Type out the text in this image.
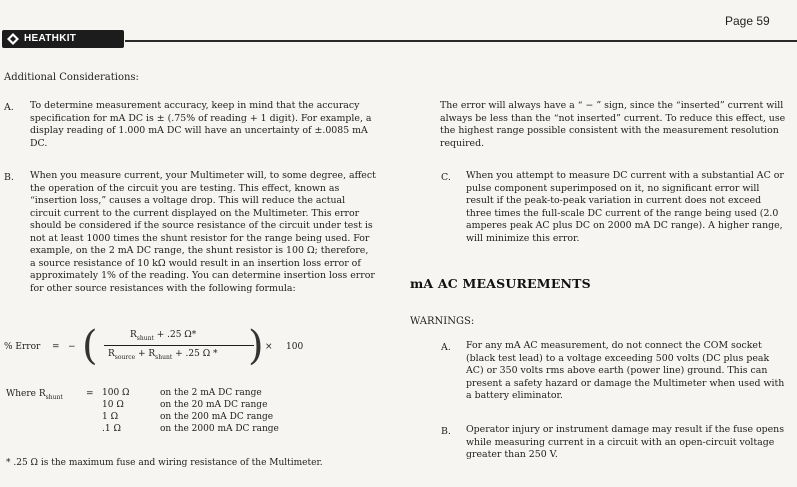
Page 59
HEATHKIT
Additional Considerations:
A. To determine measurement accuracy, keep in mind that the accuracy specification for mA DC is ± (.75% of reading + 1 digit). For example, a display reading of 1.000 mA DC will have an uncertainty of ±.0085 mA DC.
B. When you measure current, your Multimeter will, to some degree, affect the operation of the circuit you are testing. This effect, known as “insertion loss,” causes a voltage drop. This will reduce the actual circuit current to the current displayed on the Multimeter. This error should be considered if the source resistance of the circuit under test is not at least 1000 times the shunt resistor for the range being used. For example, on the 2 mA DC range, the shunt resistor is 100 Ω; therefore, a source resistance of 10 kΩ would result in an insertion loss error of approximately 1% of the reading. You can determine insertion loss error for other source resistances with the following formula:
% Error = − (	$R_{shunt} + .25$ Ω*
$R_{source} + R_{shunt} + .25$ Ω * ) × 100
Where $R_{shunt}$	= 100 Ω	on the 2 mA DC range
10 Ω	on the 20 mA DC range
1 Ω	on the 200 mA DC range
.1 Ω	on the 2000 mA DC range
* .25 Ω is the maximum fuse and wiring resistance of the Multimeter.
The error will always have a “ − ” sign, since the “inserted” current will always be less than the “not inserted” current. To reduce this effect, use the highest range possible consistent with the measurement resolution required.
C. When you attempt to measure DC current with a substantial AC or pulse component superimposed on it, no significant error will result if the peak-to-peak variation in current does not exceed three times the full-scale DC current of the range being used (2.0 amperes peak AC plus DC on 2000 mA DC range). A higher range, will minimize this error.
mA AC MEASUREMENTS
WARNINGS:
A. For any mA AC measurement, do not connect the COM socket (black test lead) to a voltage exceeding 500 volts (DC plus peak AC) or 350 volts rms above earth (power line) ground. This can present a safety hazard or damage the Multimeter when used with a battery eliminator.
B. Operator injury or instrument damage may result if the fuse opens while measuring current in a circuit with an open-circuit voltage greater than 250 V.
